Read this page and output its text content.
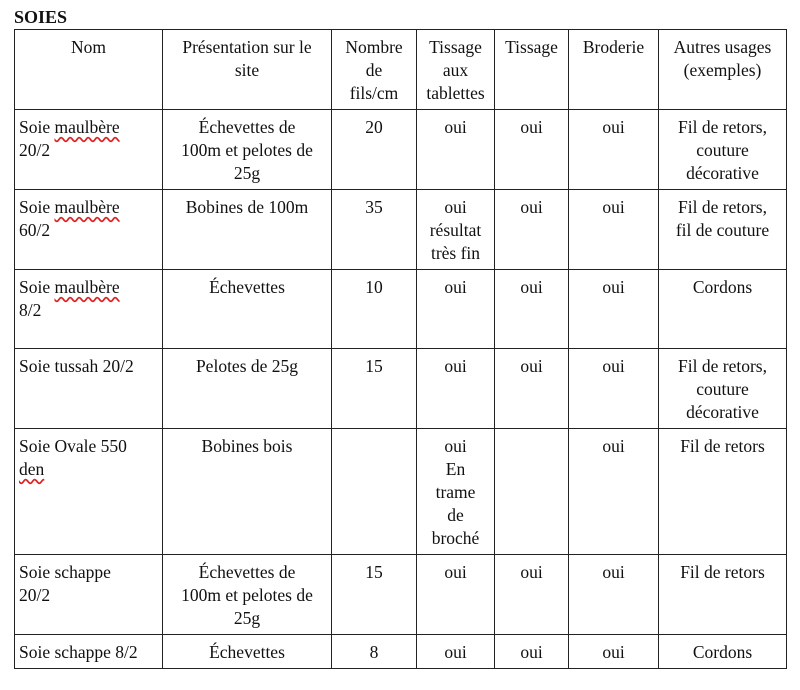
SOIES
Nom	Présentation sur le
site	Nombre
de
fils/cm	Tissage
aux
tablettes	Tissage	Broderie	Autres usages
(exemples)

Soie maulbère
20/2	Échevettes de
100m et pelotes de
25g	20	oui	oui	oui	Fil de retors,
couture
décorative

Soie maulbère
60/2	Bobines de 100m	35	oui
résultat
très fin	oui	oui	Fil de retors,
fil de couture

Soie maulbère
8/2	Échevettes	10	oui	oui	oui	Cordons

Soie tussah 20/2	Pelotes de 25g	15	oui	oui	oui	Fil de retors,
couture
décorative

Soie Ovale 550
den	Bobines bois		oui
En
trame
de
broché		oui	Fil de retors

Soie schappe
20/2	Échevettes de
100m et pelotes de
25g	15	oui	oui	oui	Fil de retors

Soie schappe 8/2	Échevettes	8	oui	oui	oui	Cordons
